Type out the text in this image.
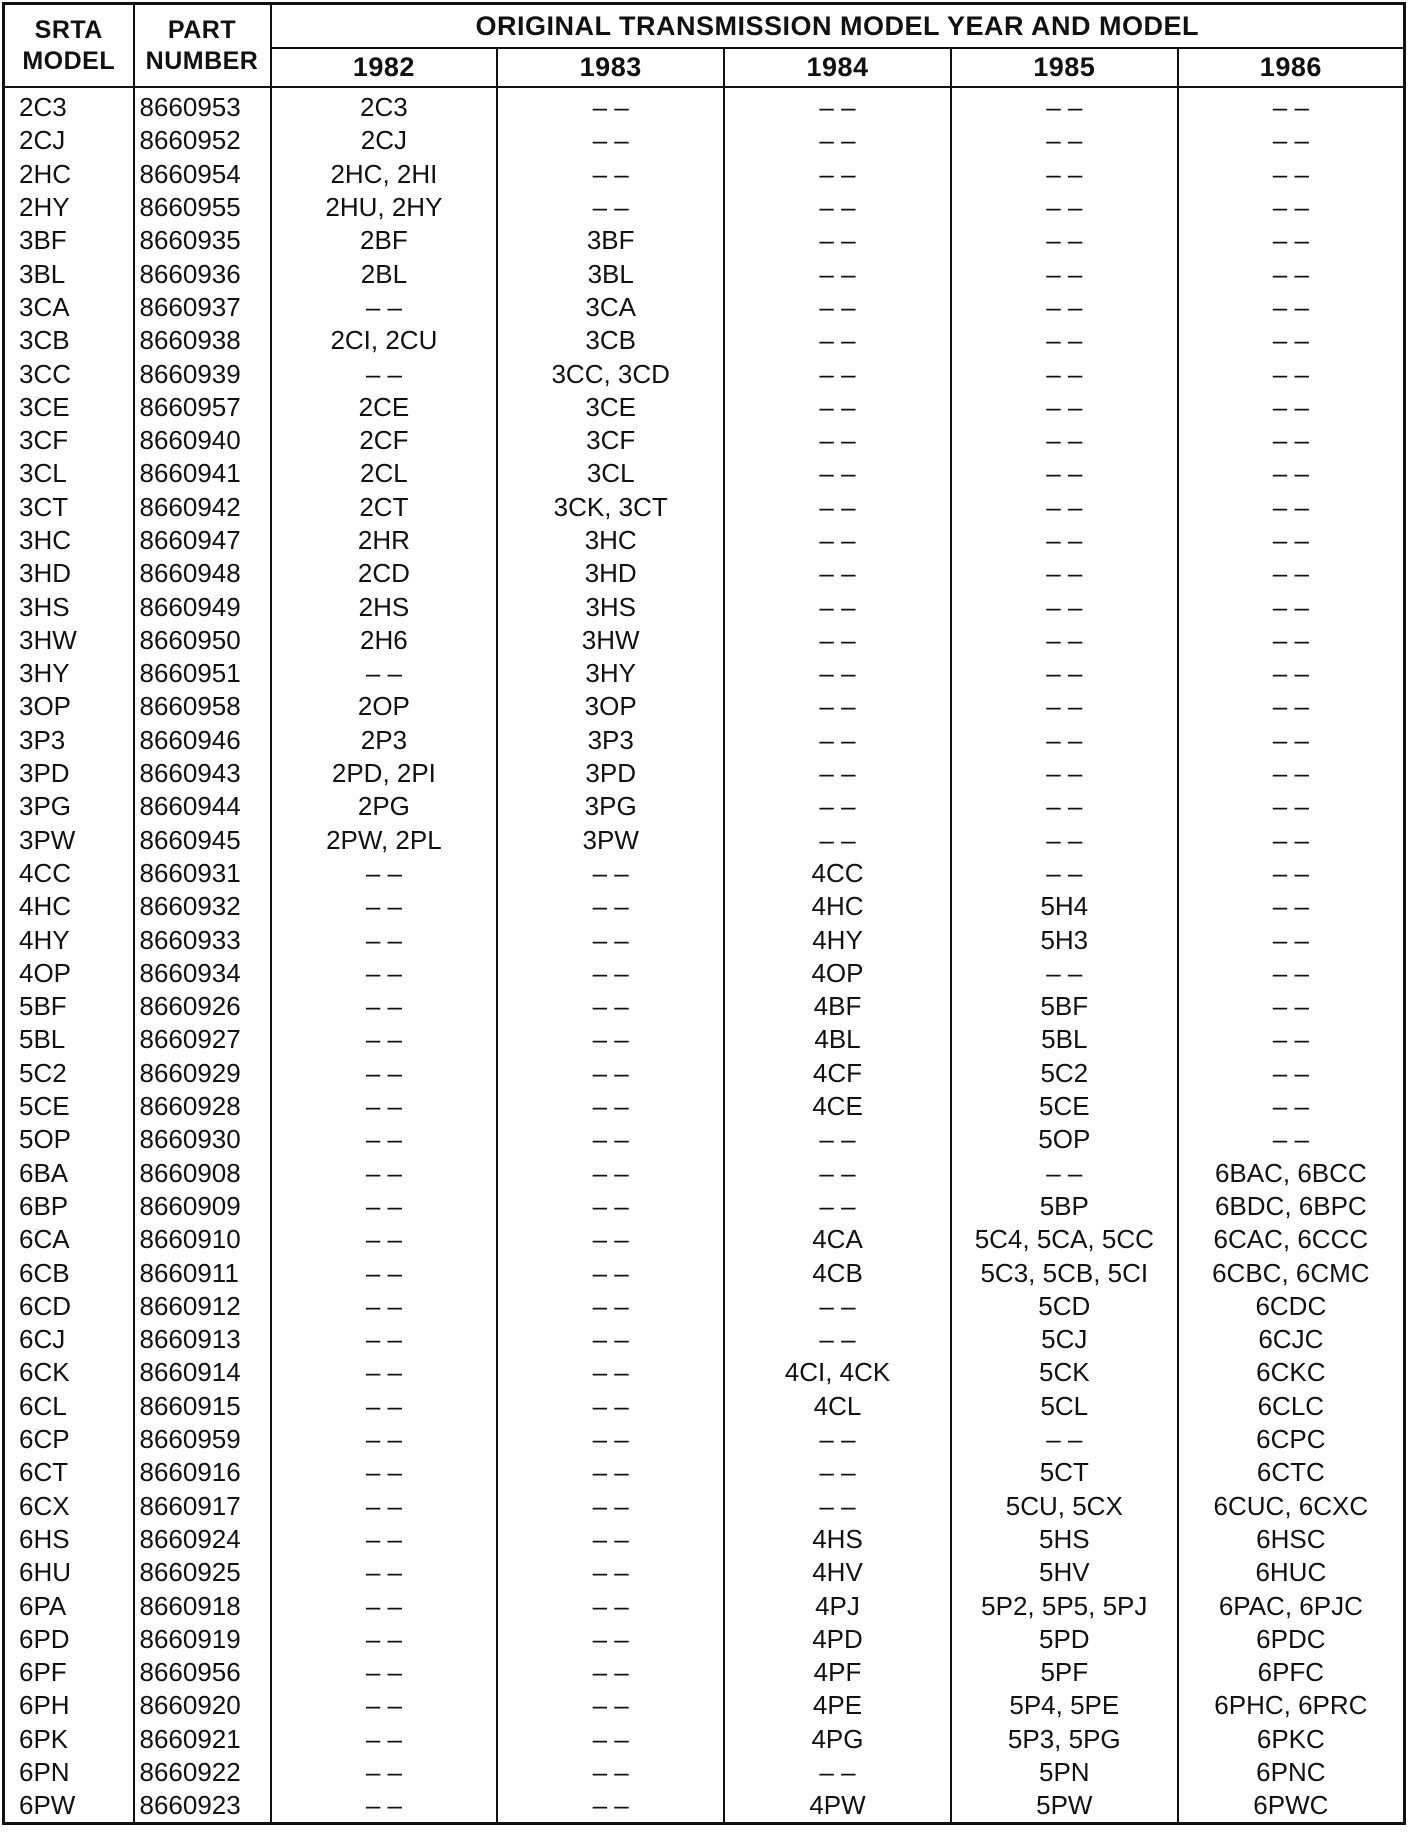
SRTA
MODEL	PART
NUMBER	ORIGINAL TRANSMISSION MODEL YEAR AND MODEL				
		1982	1983	1984	1985	1986
2C3	8660953	2C3	– –	– –	– –	– –
2CJ	8660952	2CJ	– –	– –	– –	– –
2HC	8660954	2HC, 2HI	– –	– –	– –	– –
2HY	8660955	2HU, 2HY	– –	– –	– –	– –
3BF	8660935	2BF	3BF	– –	– –	– –
3BL	8660936	2BL	3BL	– –	– –	– –
3CA	8660937	– –	3CA	– –	– –	– –
3CB	8660938	2CI, 2CU	3CB	– –	– –	– –
3CC	8660939	– –	3CC, 3CD	– –	– –	– –
3CE	8660957	2CE	3CE	– –	– –	– –
3CF	8660940	2CF	3CF	– –	– –	– –
3CL	8660941	2CL	3CL	– –	– –	– –
3CT	8660942	2CT	3CK, 3CT	– –	– –	– –
3HC	8660947	2HR	3HC	– –	– –	– –
3HD	8660948	2CD	3HD	– –	– –	– –
3HS	8660949	2HS	3HS	– –	– –	– –
3HW	8660950	2H6	3HW	– –	– –	– –
3HY	8660951	– –	3HY	– –	– –	– –
3OP	8660958	2OP	3OP	– –	– –	– –
3P3	8660946	2P3	3P3	– –	– –	– –
3PD	8660943	2PD, 2PI	3PD	– –	– –	– –
3PG	8660944	2PG	3PG	– –	– –	– –
3PW	8660945	2PW, 2PL	3PW	– –	– –	– –
4CC	8660931	– –	– –	4CC	– –	– –
4HC	8660932	– –	– –	4HC	5H4	– –
4HY	8660933	– –	– –	4HY	5H3	– –
4OP	8660934	– –	– –	4OP	– –	– –
5BF	8660926	– –	– –	4BF	5BF	– –
5BL	8660927	– –	– –	4BL	5BL	– –
5C2	8660929	– –	– –	4CF	5C2	– –
5CE	8660928	– –	– –	4CE	5CE	– –
5OP	8660930	– –	– –	– –	5OP	– –
6BA	8660908	– –	– –	– –	– –	6BAC, 6BCC
6BP	8660909	– –	– –	– –	5BP	6BDC, 6BPC
6CA	8660910	– –	– –	4CA	5C4, 5CA, 5CC	6CAC, 6CCC
6CB	8660911	– –	– –	4CB	5C3, 5CB, 5CI	6CBC, 6CMC
6CD	8660912	– –	– –	– –	5CD	6CDC
6CJ	8660913	– –	– –	– –	5CJ	6CJC
6CK	8660914	– –	– –	4CI, 4CK	5CK	6CKC
6CL	8660915	– –	– –	4CL	5CL	6CLC
6CP	8660959	– –	– –	– –	– –	6CPC
6CT	8660916	– –	– –	– –	5CT	6CTC
6CX	8660917	– –	– –	– –	5CU, 5CX	6CUC, 6CXC
6HS	8660924	– –	– –	4HS	5HS	6HSC
6HU	8660925	– –	– –	4HV	5HV	6HUC
6PA	8660918	– –	– –	4PJ	5P2, 5P5, 5PJ	6PAC, 6PJC
6PD	8660919	– –	– –	4PD	5PD	6PDC
6PF	8660956	– –	– –	4PF	5PF	6PFC
6PH	8660920	– –	– –	4PE	5P4, 5PE	6PHC, 6PRC
6PK	8660921	– –	– –	4PG	5P3, 5PG	6PKC
6PN	8660922	– –	– –	– –	5PN	6PNC
6PW	8660923	– –	– –	4PW	5PW	6PWC
